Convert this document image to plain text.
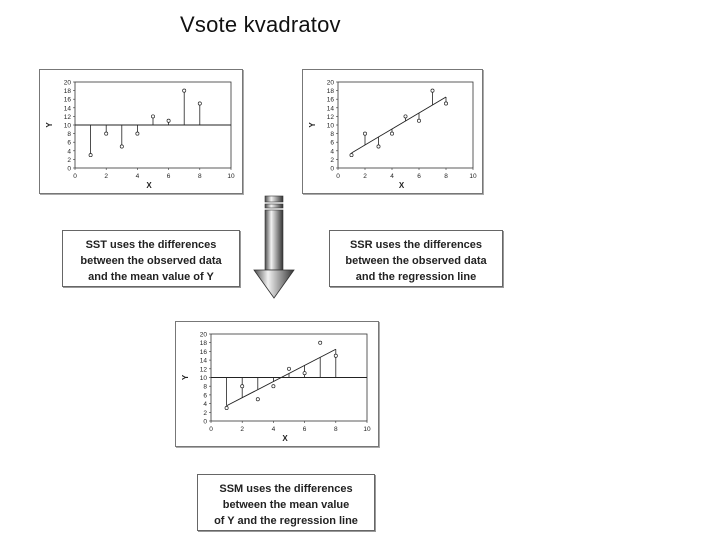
Vsote kvadratov
0
2
4
6
8
10
12
14
16
18
20
0	2	4	6	8	10
X
Y
0
2
4
6
8
10
12
14
16
18
20
0	2	4	6	8	10
X
Y
SST uses the differences
between the observed data
and the mean value of Y
SSR uses the differences
between the observed data
and the regression line
0
2
4
6
8
10
12
14
16
18
20
0	2	4	6	8	10
X
Y
SSM uses the differences
between the mean value
of Y and the regression line
